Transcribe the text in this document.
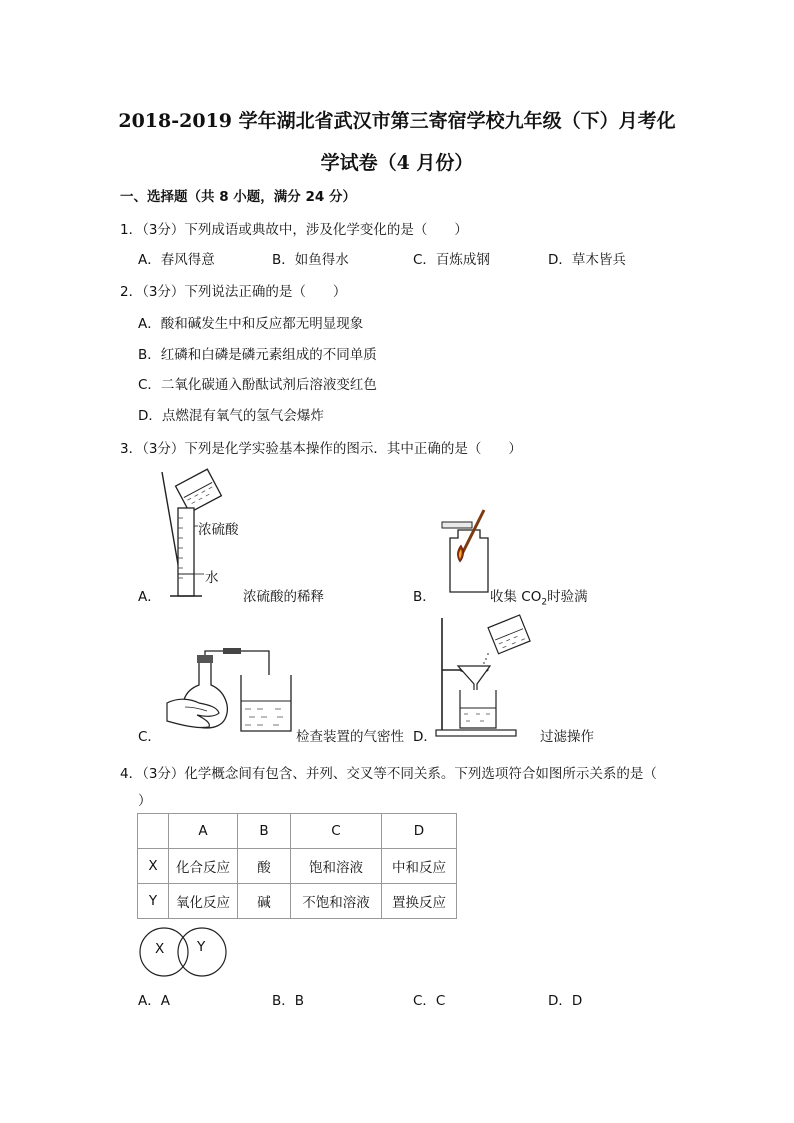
2018-2019 学年湖北省武汉市第三寄宿学校九年级（下）月考化
学试卷（4 月份）
一、选择题（共 8 小题，满分 24 分）
1．（3分）下列成语或典故中，涉及化学变化的是（　　）
A．春风得意	B．如鱼得水	C．百炼成钢	D．草木皆兵
2．（3分）下列说法正确的是（　　）
A．酸和碱发生中和反应都无明显现象
B．红磷和白磷是磷元素组成的不同单质
C．二氧化碳通入酚酞试剂后溶液变红色
D．点燃混有氧气的氢气会爆炸
3．（3分）下列是化学实验基本操作的图示．其中正确的是（　　）
浓硫酸
水
A．	浓硫酸的稀释	B．	收集 $CO_2$时验满
C．	检查装置的气密性 D．	过滤操作
4．（3分）化学概念间有包含、并列、交叉等不同关系。下列选项符合如图所示关系的是（
）
	A	B	C	D
X	化合反应	酸	饱和溶液	中和反应
Y	氧化反应	碱	不饱和溶液	置换反应
X Y
A．A	B．B	C．C	D．D
